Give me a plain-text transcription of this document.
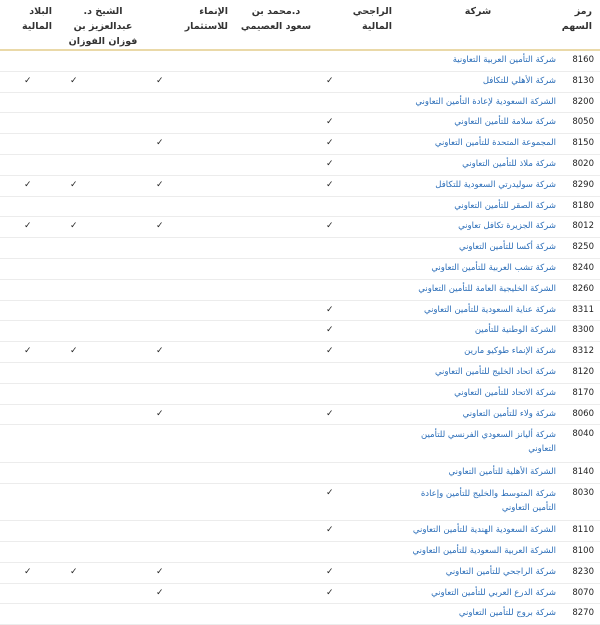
رمز السهم	شركة	الراجحي المالية	د.محمد بن سعود العصيمي	الإنماء للاستثمار	الشيخ د. عبدالعزيز بن فوزان الفوزان	البلاد المالية
8160	شركة التأمين العربية التعاونية					
8130	شركة الأهلي للتكافل	✓		✓	✓	✓
8200	الشركة السعودية لإعادة التأمين التعاوني					
8050	شركة سلامة للتأمين التعاوني	✓				
8150	المجموعة المتحدة للتأمين التعاوني	✓		✓		
8020	شركة ملاذ للتأمين التعاوني	✓				
8290	شركة سوليدرتي السعودية للتكافل	✓		✓	✓	✓
8180	شركة الصقر للتأمين التعاوني					
8012	شركة الجزيرة تكافل تعاوني	✓		✓	✓	✓
8250	شركة أكسا للتأمين التعاوني					
8240	شركة تشب العربية للتأمين التعاوني					
8260	الشركة الخليجية العامة للتأمين التعاوني					
8311	شركة عناية السعودية للتأمين التعاوني	✓				
8300	الشركة الوطنية للتأمين	✓				
8312	شركة الإنماء طوكيو مارين	✓		✓	✓	✓
8120	شركة اتحاد الخليج للتأمين التعاوني					
8170	شركة الاتحاد للتأمين التعاوني					
8060	شركة ولاء للتأمين التعاوني	✓		✓		
8040	شركة أليانز السعودي الفرنسي للتأمين التعاوني					
8140	الشركة الأهلية للتأمين التعاوني					
8030	شركة المتوسط والخليج للتأمين وإعادة التأمين التعاوني	✓				
8110	الشركة السعودية الهندية للتأمين التعاوني	✓				
8100	الشركة العربية السعودية للتأمين التعاوني					
8230	شركة الراجحي للتأمين التعاوني	✓		✓	✓	✓
8070	شركة الدرع العربي للتأمين التعاوني	✓		✓		
8270	شركة بروج للتأمين التعاوني					
